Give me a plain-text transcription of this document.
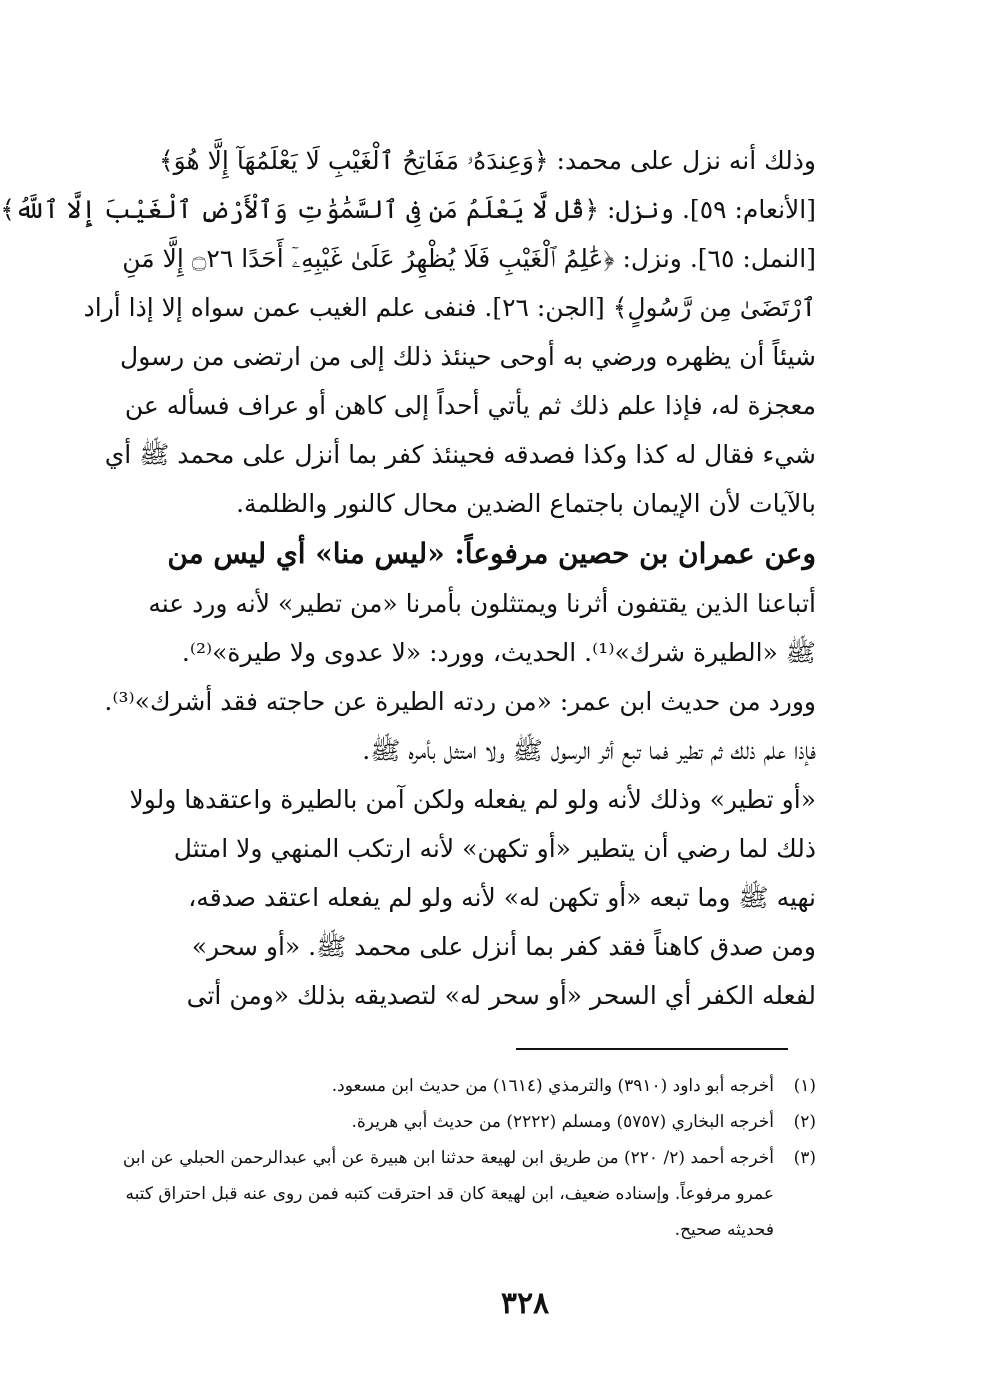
وذلك أنه نزل على محمد: ﴿وَعِندَهُۥ مَفَاتِحُ ٱلْغَيْبِ لَا يَعْلَمُهَآ إِلَّا هُوَ﴾
[الأنعام: ٥٩]. ونزل: ﴿قُل لَّا يَعْلَمُ مَن فِى ٱلسَّمَٰوَٰتِ وَٱلْأَرْضِ ٱلْغَيْبَ إِلَّا ٱللَّهُ﴾
[النمل: ٦٥]. ونزل: ﴿عَٰلِمُ ٱلْغَيْبِ فَلَا يُظْهِرُ عَلَىٰ غَيْبِهِۦٓ أَحَدًا ۝٢٦ إِلَّا مَنِ
ٱرْتَضَىٰ مِن رَّسُولٍ﴾ [الجن: ٢٦]. فنفى علم الغيب عمن سواه إلا إذا أراد
شيئاً أن يظهره ورضي به أوحى حينئذ ذلك إلى من ارتضى من رسول
معجزة له، فإذا علم ذلك ثم يأتي أحداً إلى كاهن أو عراف فسأله عن
شيء فقال له كذا وكذا فصدقه فحينئذ كفر بما أنزل على محمد ﷺ أي
بالآيات لأن الإيمان باجتماع الضدين محال كالنور والظلمة.
وعن عمران بن حصين مرفوعاً: «ليس منا» أي ليس من
أتباعنا الذين يقتفون أثرنا ويمتثلون بأمرنا «من تطير» لأنه ورد عنه
ﷺ «الطيرة شرك»⁽¹⁾. الحديث، وورد: «لا عدوى ولا طيرة»⁽²⁾.
وورد من حديث ابن عمر: «من ردته الطيرة عن حاجته فقد أشرك»⁽³⁾.
فإذا علم ذلك ثم تطير فما تبع أثر الرسول ﷺ ولا امتثل بأمره ﷺ.
«أو تطير» وذلك لأنه ولو لم يفعله ولكن آمن بالطيرة واعتقدها ولولا
ذلك لما رضي أن يتطير «أو تكهن» لأنه ارتكب المنهي ولا امتثل
نهيه ﷺ وما تبعه «أو تكهن له» لأنه ولو لم يفعله اعتقد صدقه،
ومن صدق كاهناً فقد كفر بما أنزل على محمد ﷺ. «أو سحر»
لفعله الكفر أي السحر «أو سحر له» لتصديقه بذلك «ومن أتى
(١)
أخرجه أبو داود (٣٩١٠) والترمذي (١٦١٤) من حديث ابن مسعود.
(٢)
أخرجه البخاري (٥٧٥٧) ومسلم (٢٢٢٢) من حديث أبي هريرة.
(٣)
أخرجه أحمد (٢/ ٢٢٠) من طريق ابن لهيعة حدثنا ابن هبيرة عن أبي عبدالرحمن الحبلي عن ابن عمرو مرفوعاً. وإسناده ضعيف، ابن لهيعة كان قد احترقت كتبه فمن روى عنه قبل احتراق كتبه فحديثه صحيح.
٣٢٨
